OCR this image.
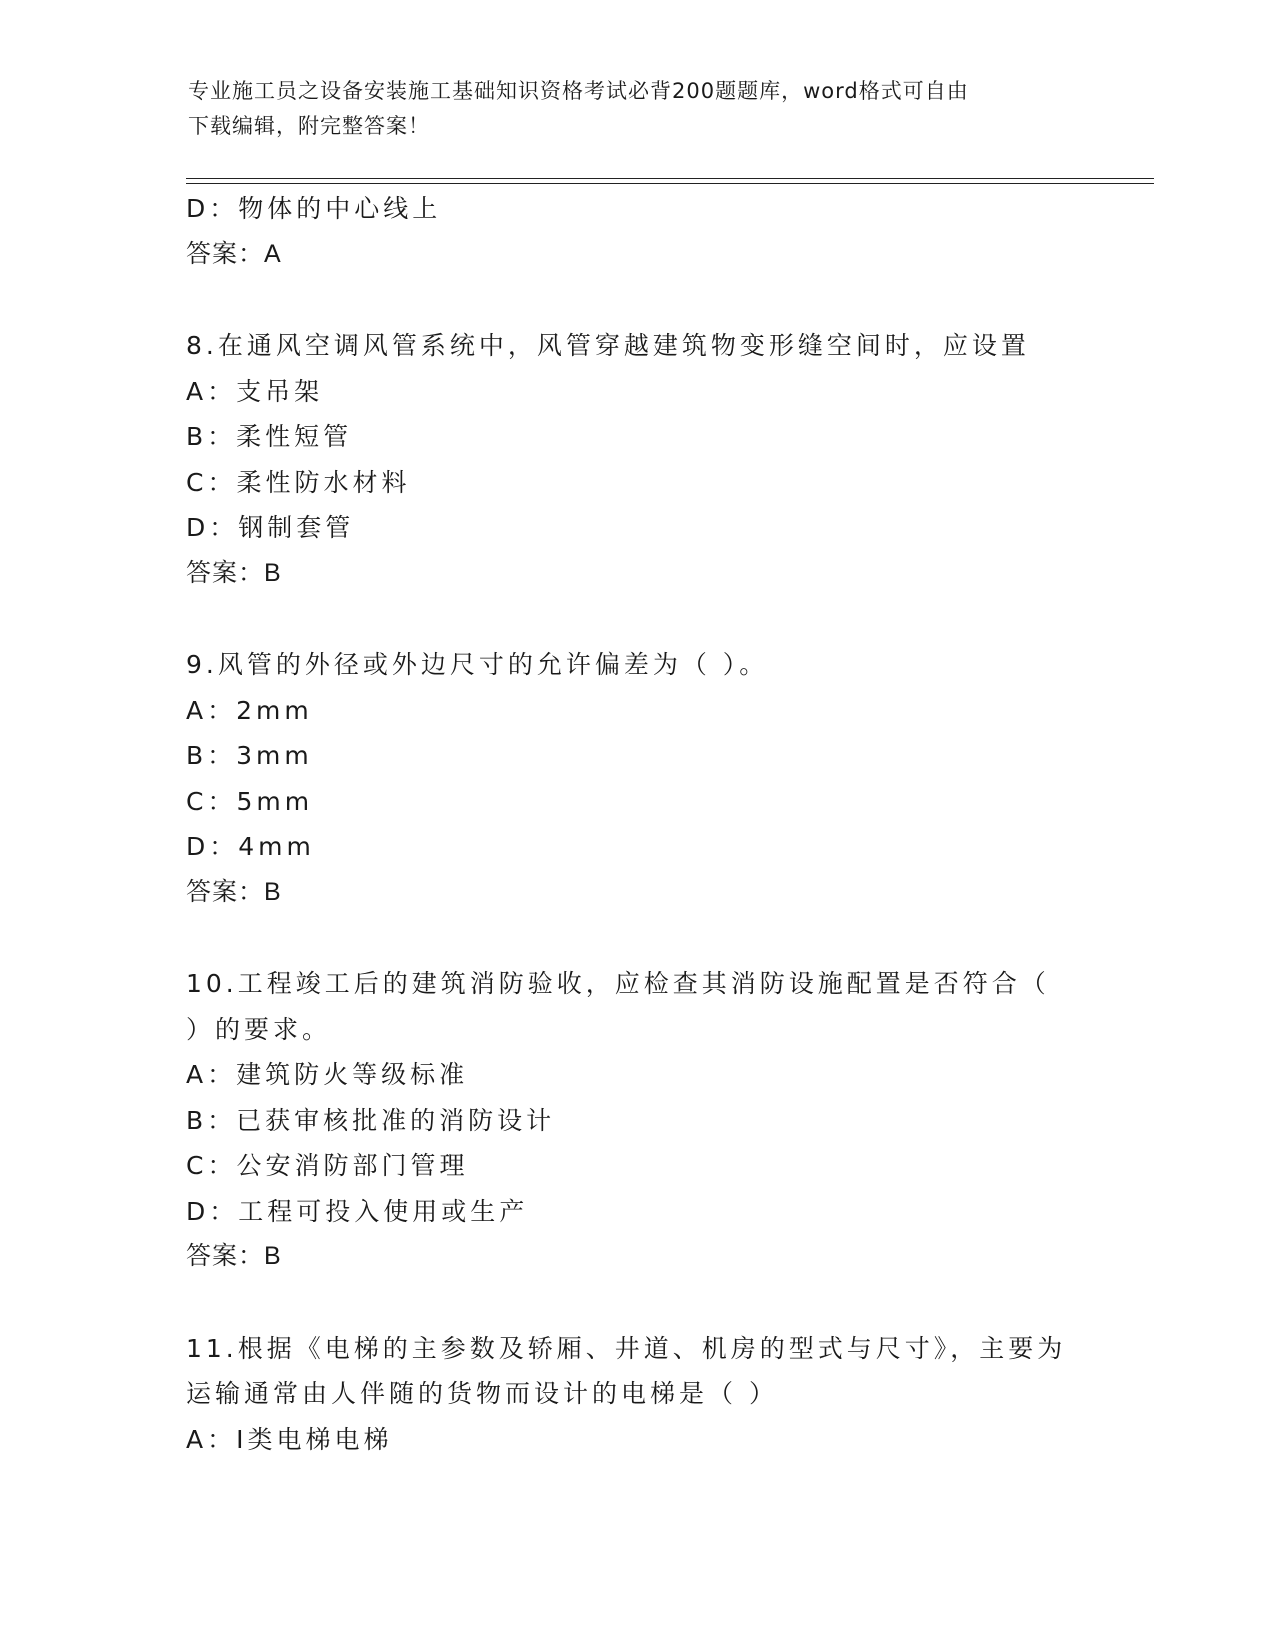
专业施工员之设备安装施工基础知识资格考试必背200题题库，word格式可自由
下载编辑，附完整答案！
D：物体的中心线上
答案：A
8.在通风空调风管系统中，风管穿越建筑物变形缝空间时，应设置
A：支吊架
B：柔性短管
C：柔性防水材料
D：钢制套管
答案：B
9.风管的外径或外边尺寸的允许偏差为（ ）。
A：2mm
B：3mm
C：5mm
D：4mm
答案：B
10.工程竣工后的建筑消防验收，应检查其消防设施配置是否符合（
）的要求。
A：建筑防火等级标准
B：已获审核批准的消防设计
C：公安消防部门管理
D：工程可投入使用或生产
答案：B
11.根据《电梯的主参数及轿厢、井道、机房的型式与尺寸》，主要为
运输通常由人伴随的货物而设计的电梯是（ ）
A：Ⅰ类电梯电梯
